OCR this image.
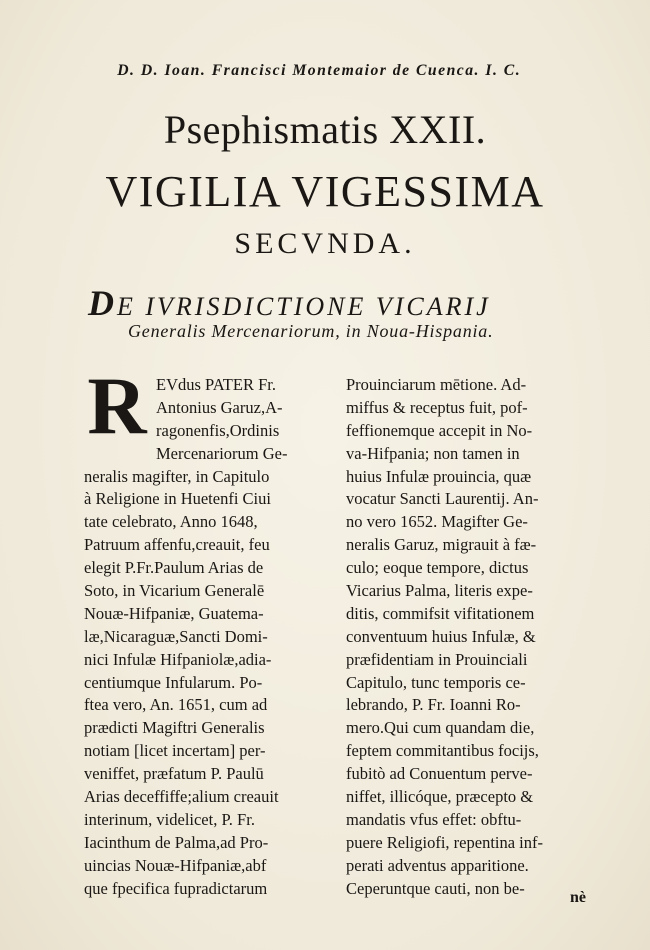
D. D. Ioan. Francisci Montemaior de Cuenca. I. C.
Psephismatis XXII.
VIGILIA VIGESSIMA
SECVNDA.
DE IVRISDICTIONE VICARIJ
Generalis Mercenariorum, in Noua-Hispania.
R EVdus PATER Fr.
Antonius Garuz,A-
ragonenfis,Ordinis
Mercenariorum Ge-
neralis magifter, in Capitulo
à Religione in Huetenfi Ciui
tate celebrato, Anno 1648,
Patruum affenfu,creauit, feu
elegit P.Fr.Paulum Arias de
Soto, in Vicarium Generalē
Nouæ-Hifpaniæ, Guatema-
læ,Nicaraguæ,Sancti Domi-
nici Infulæ Hifpaniolæ,adia-
centiumque Infularum. Po-
ftea vero, An. 1651, cum ad
prædicti Magiftri Generalis
notiam [licet incertam] per-
veniffet, præfatum P. Paulū
Arias deceffiffe;alium creauit
interinum, videlicet, P. Fr.
Iacinthum de Palma,ad Pro-
uincias Nouæ-Hifpaniæ,abf
que fpecifica fupradictarum
Prouinciarum mētione. Ad-
miffus & receptus fuit, pof-
feffionemque accepit in No-
va-Hifpania; non tamen in
huius Infulæ prouincia, quæ
vocatur Sancti Laurentij. An-
no vero 1652. Magifter Ge-
neralis Garuz, migrauit à fæ-
culo; eoque tempore, dictus
Vicarius Palma, literis expe-
ditis, commifsit vifitationem
conventuum huius Infulæ, &
præfidentiam in Prouinciali
Capitulo, tunc temporis ce-
lebrando, P. Fr. Ioanni Ro-
mero.Qui cum quandam die,
feptem commitantibus focijs,
fubitò ad Conuentum perve-
niffet, illicóque, præcepto &
mandatis vfus effet: obftu-
puere Religiofi, repentina inf-
perati adventus apparitione.
Ceperuntque cauti, non be-	nè
